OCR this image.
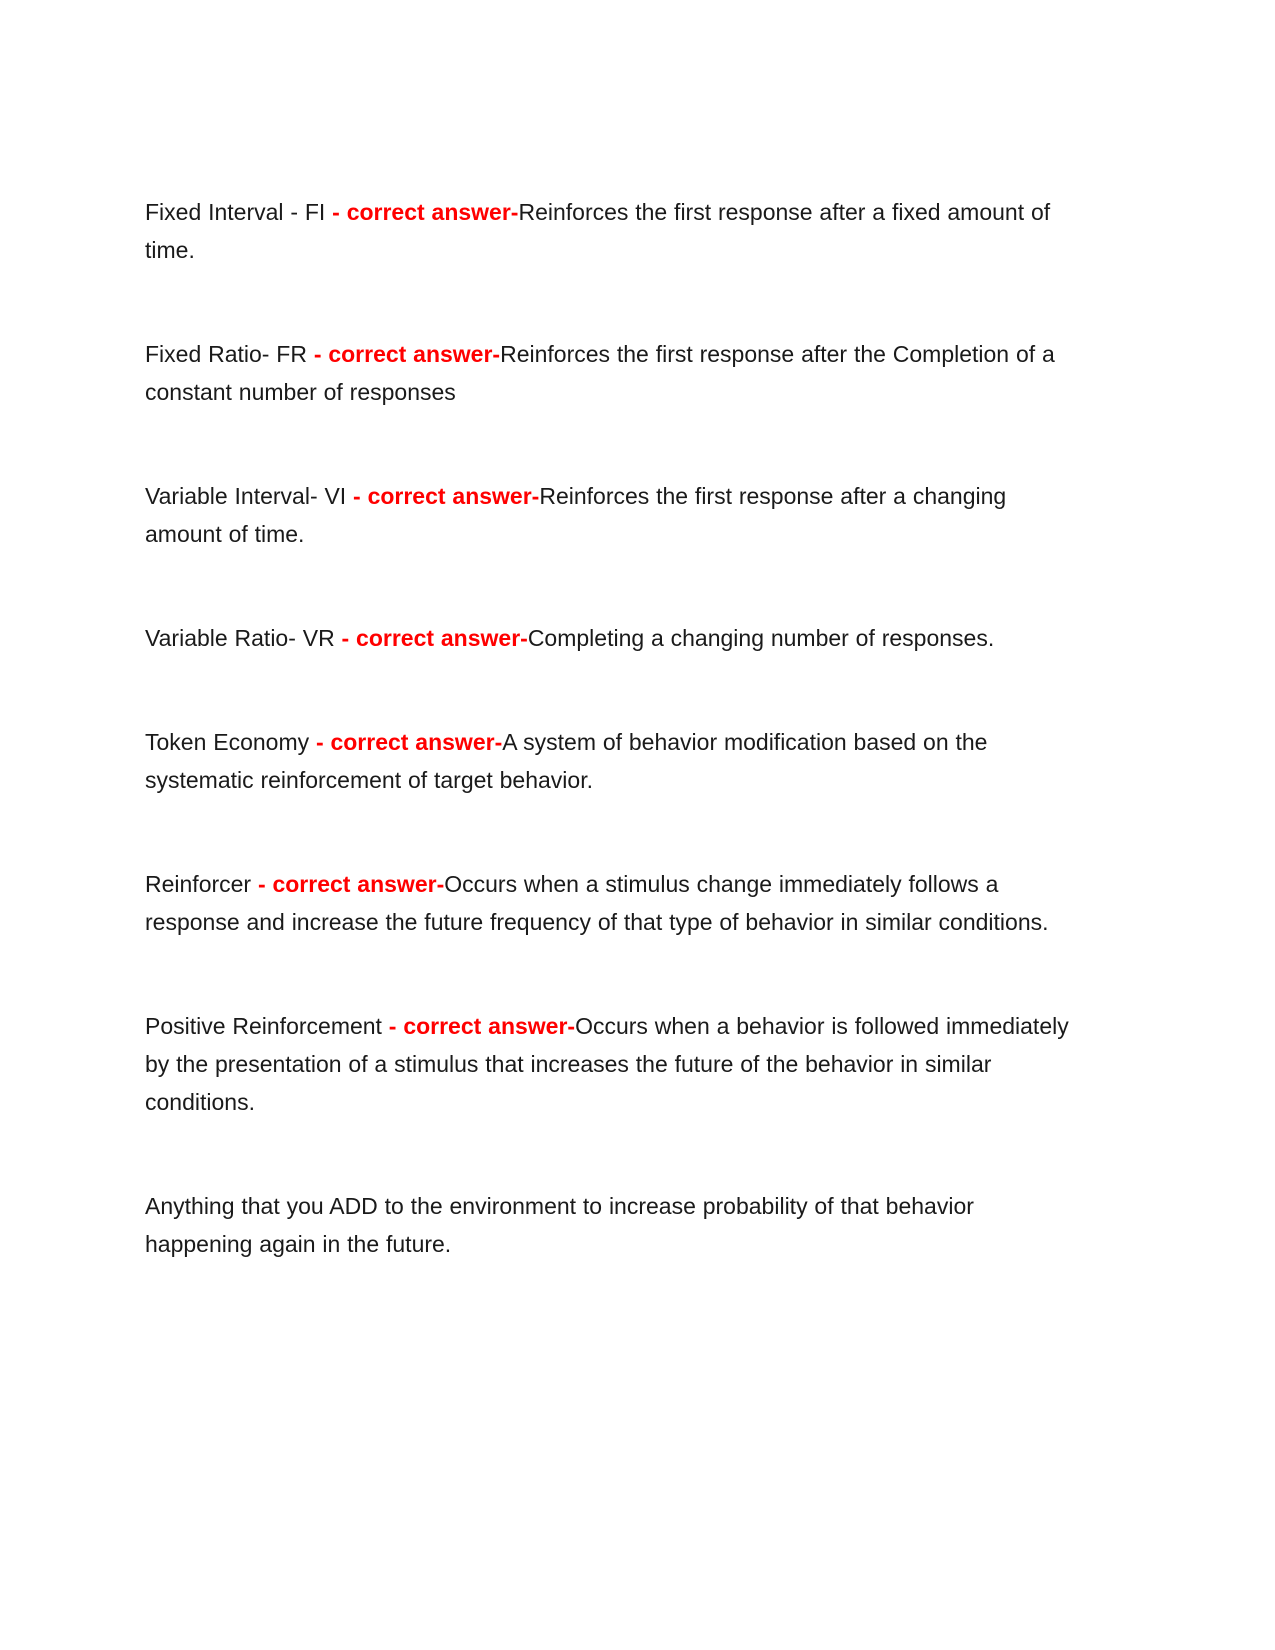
Fixed Interval - FI - correct answer-Reinforces the first response after a fixed amount of time.

Fixed Ratio- FR - correct answer-Reinforces the first response after the Completion of a constant number of responses

Variable Interval- VI - correct answer-Reinforces the first response after a changing amount of time.

Variable Ratio- VR - correct answer-Completing a changing number of responses.

Token Economy - correct answer-A system of behavior modification based on the systematic reinforcement of target behavior.

Reinforcer - correct answer-Occurs when a stimulus change immediately follows a response and increase the future frequency of that type of behavior in similar conditions.

Positive Reinforcement - correct answer-Occurs when a behavior is followed immediately by the presentation of a stimulus that increases the future of the behavior in similar conditions.

Anything that you ADD to the environment to increase probability of that behavior happening again in the future.
